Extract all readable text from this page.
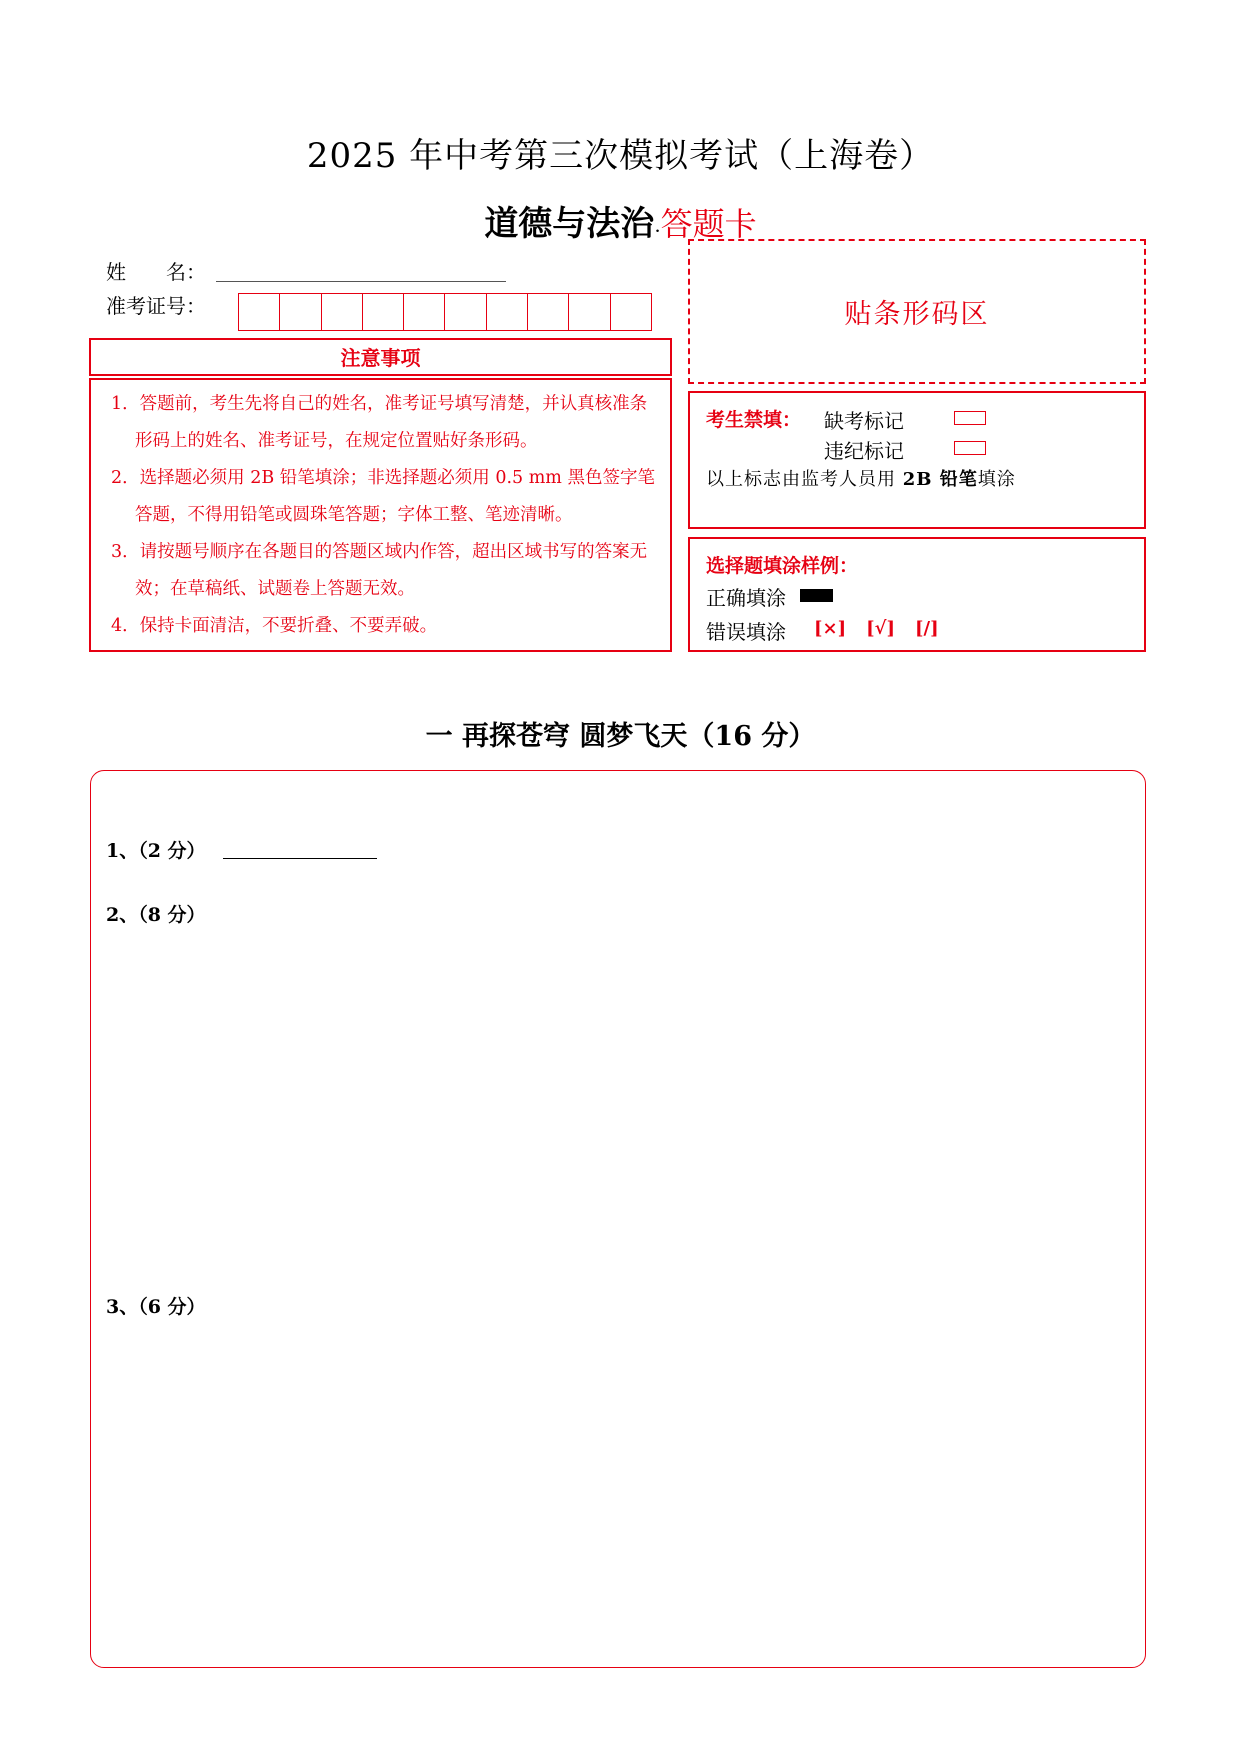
2025 年中考第三次模拟考试（上海卷）
道德与法治·答题卡
姓　　名：
准考证号：
注意事项
1．答题前，考生先将自己的姓名，准考证号填写清楚，并认真核准条形码上的姓名、准考证号，在规定位置贴好条形码。
2．选择题必须用 2B 铅笔填涂；非选择题必须用 0.5 mm 黑色签字笔答题，不得用铅笔或圆珠笔答题；字体工整、笔迹清晰。
3．请按题号顺序在各题目的答题区域内作答，超出区域书写的答案无效；在草稿纸、试题卷上答题无效。
4．保持卡面清洁，不要折叠、不要弄破。
贴条形码区
考生禁填： 缺考标记
违纪标记
以上标志由监考人员用 2B 铅笔填涂
选择题填涂样例：
正确填涂
错误填涂 [×] [√] [/]
一 再探苍穹 圆梦飞天（16 分）
1、（2 分）
2、（8 分）
3、（6 分）
